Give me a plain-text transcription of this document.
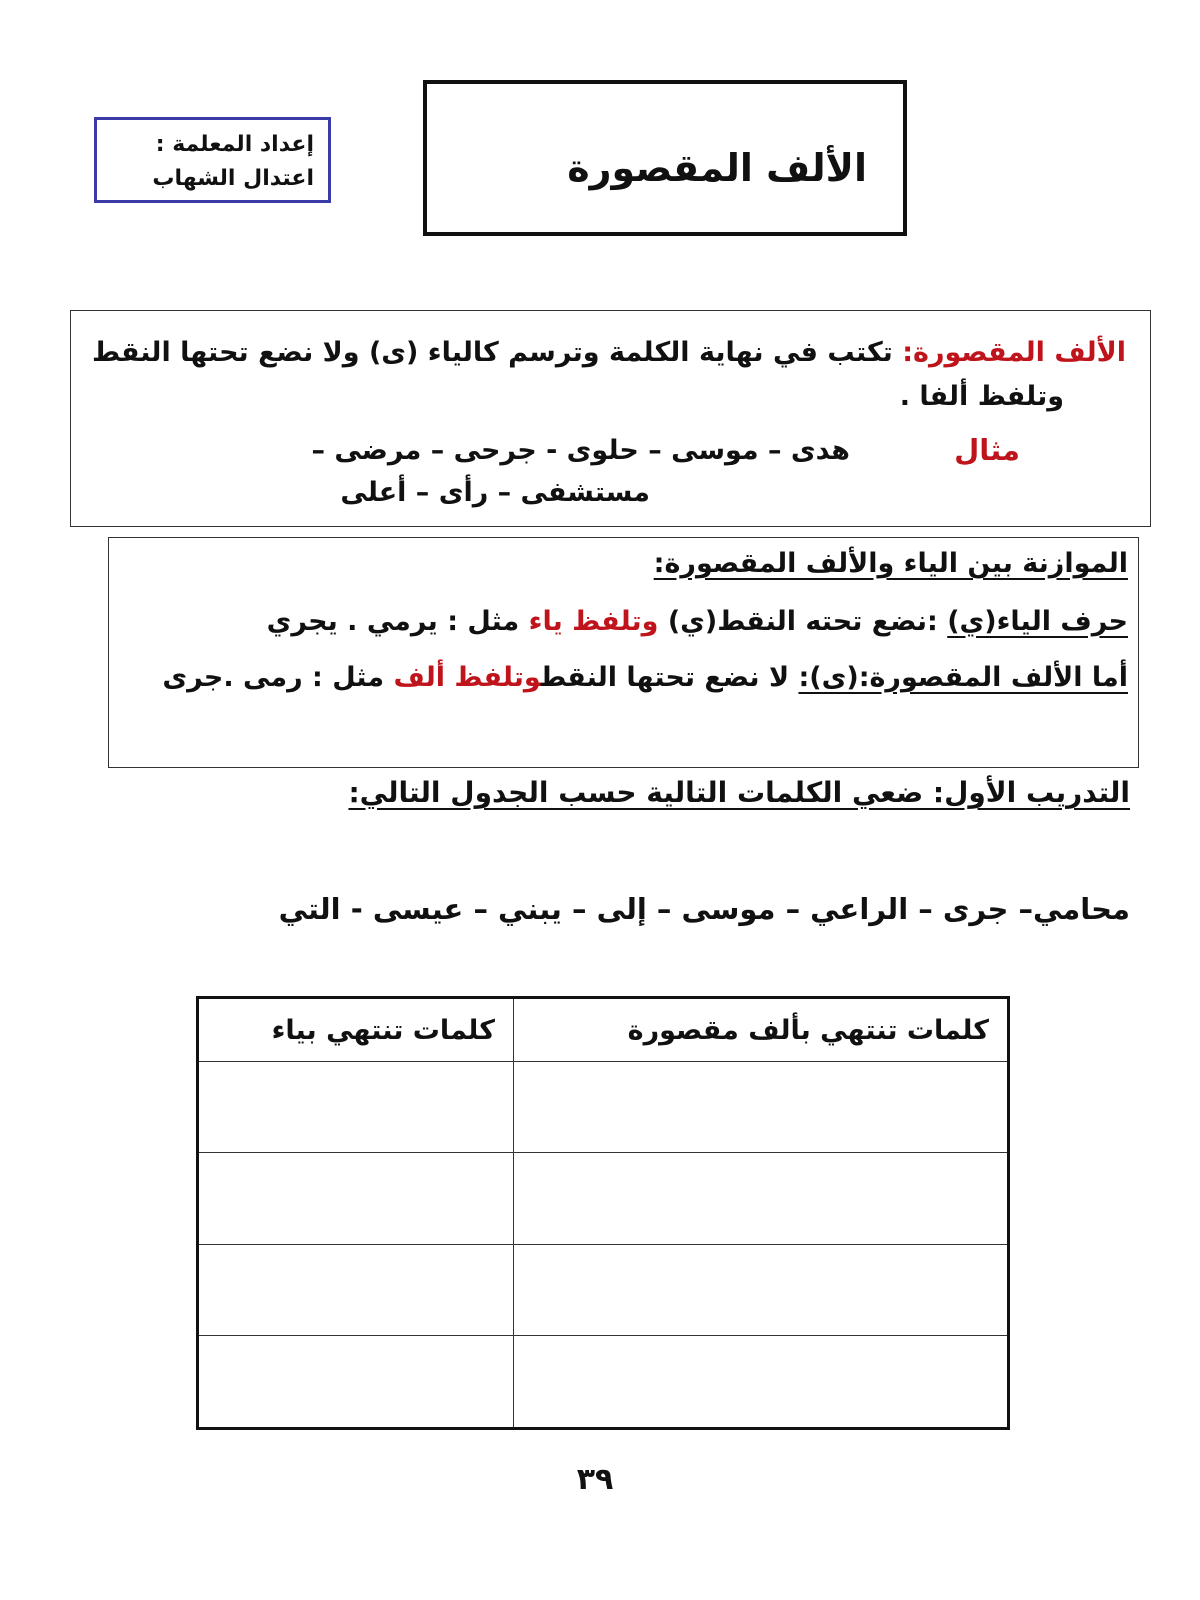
إعداد المعلمة :
اعتدال الشهاب	الألف المقصورة
الألف المقصورة: تكتب في نهاية الكلمة وترسم كالياء (ى) ولا نضع تحتها النقط
وتلفظ ألفا .
مثال
هدى – موسى – حلوى - جرحى – مرضى –
مستشفى – رأى – أعلى
الموازنة بين الياء والألف المقصورة:
حرف الياء(ي) :نضع تحته النقط(ي) وتلفظ ياء مثل : يرمي . يجري
أما الألف المقصورة:(ى): لا نضع تحتها النقطوتلفظ ألف مثل : رمى .جرى
التدريب الأول: ضعي الكلمات التالية حسب الجدول التالي:
محامي– جرى – الراعي – موسى – إلى – يبني – عيسى - التي
كلمات تنتهي بألف مقصورة	كلمات تنتهي بياء

٣٩
